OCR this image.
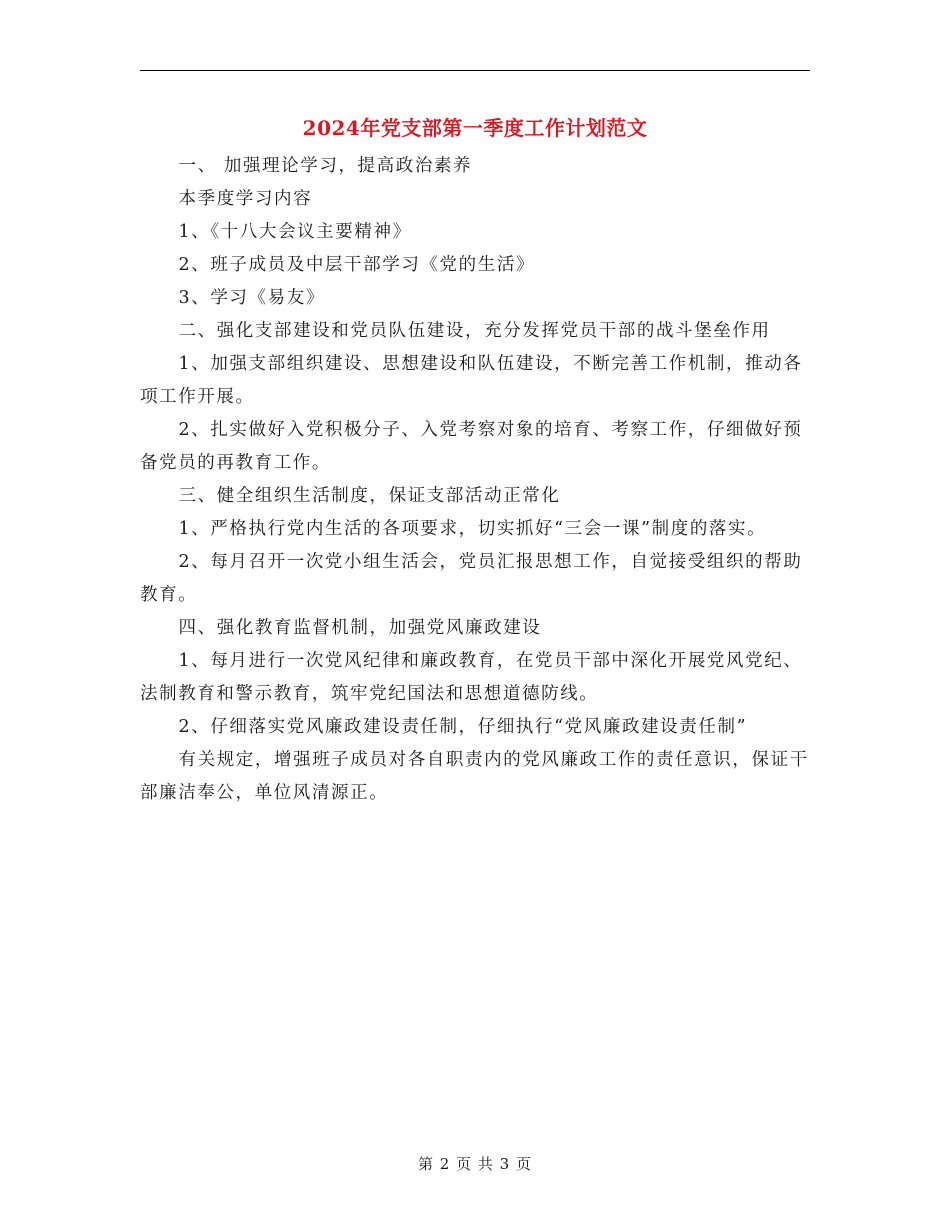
2024年党支部第一季度工作计划范文

一、 加强理论学习，提高政治素养

本季度学习内容

1、《十八大会议主要精神》

2、班子成员及中层干部学习《党的生活》

3、学习《易友》

二、强化支部建设和党员队伍建设，充分发挥党员干部的战斗堡垒作用

1、加强支部组织建设、思想建设和队伍建设，不断完善工作机制，推动各项工作开展。

2、扎实做好入党积极分子、入党考察对象的培育、考察工作，仔细做好预备党员的再教育工作。

三、健全组织生活制度，保证支部活动正常化

1、严格执行党内生活的各项要求，切实抓好“三会一课”制度的落实。

2、每月召开一次党小组生活会，党员汇报思想工作，自觉接受组织的帮助教育。

四、强化教育监督机制，加强党风廉政建设

1、每月进行一次党风纪律和廉政教育，在党员干部中深化开展党风党纪、法制教育和警示教育，筑牢党纪国法和思想道德防线。

2、仔细落实党风廉政建设责任制，仔细执行“党风廉政建设责任制”

有关规定，增强班子成员对各自职责内的党风廉政工作的责任意识，保证干部廉洁奉公，单位风清源正。

第 2 页 共 3 页
